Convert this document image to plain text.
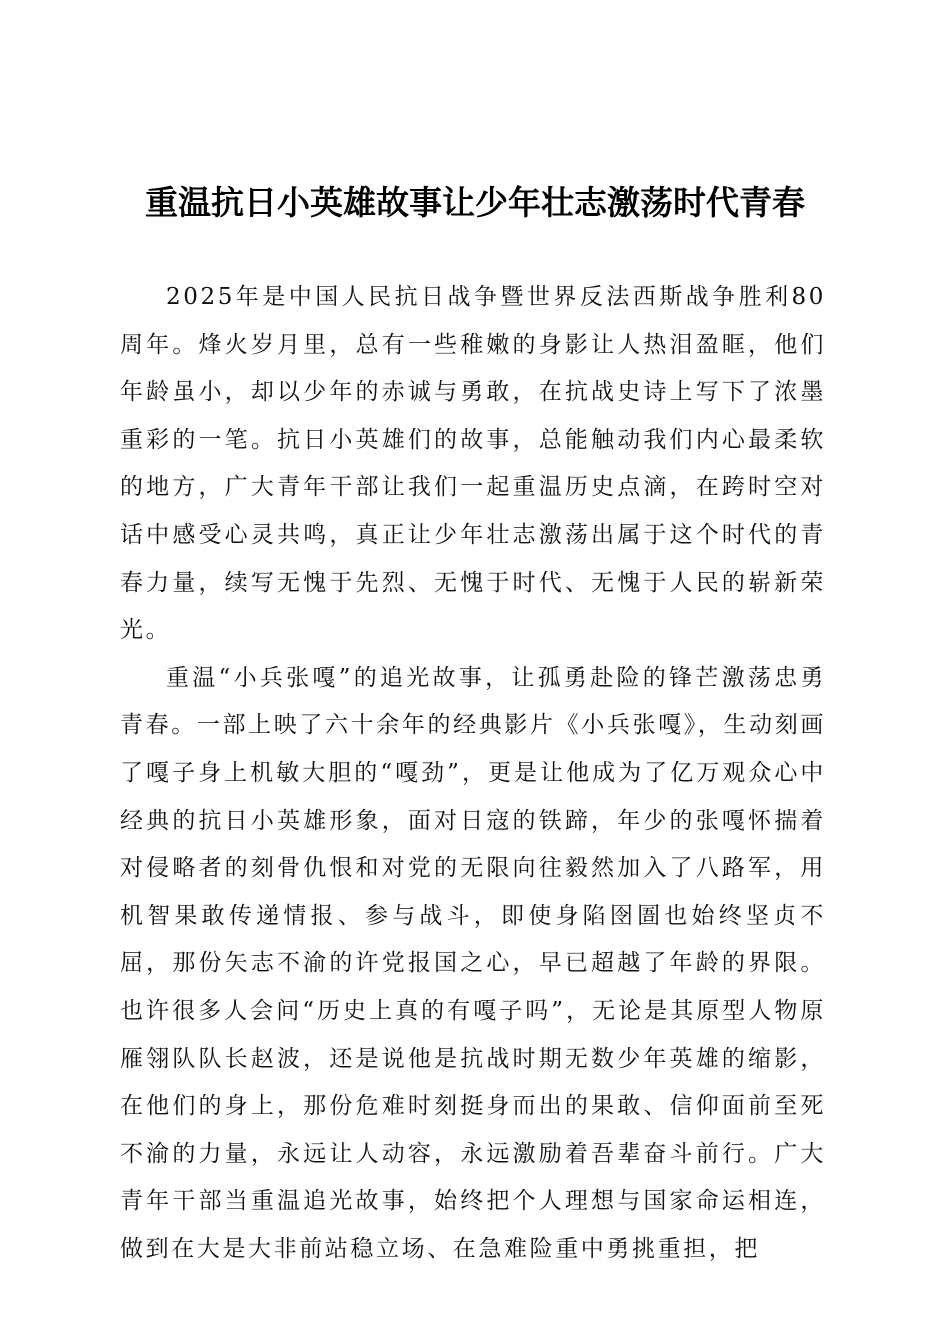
重温抗日小英雄故事让少年壮志激荡时代青春

2025年是中国人民抗日战争暨世界反法西斯战争胜利80周年。烽火岁月里，总有一些稚嫩的身影让人热泪盈眶，他们年龄虽小，却以少年的赤诚与勇敢，在抗战史诗上写下了浓墨重彩的一笔。抗日小英雄们的故事，总能触动我们内心最柔软的地方，广大青年干部让我们一起重温历史点滴，在跨时空对话中感受心灵共鸣，真正让少年壮志激荡出属于这个时代的青春力量，续写无愧于先烈、无愧于时代、无愧于人民的崭新荣光。

重温“小兵张嘎”的追光故事，让孤勇赴险的锋芒激荡忠勇青春。一部上映了六十余年的经典影片《小兵张嘎》，生动刻画了嘎子身上机敏大胆的“嘎劲”，更是让他成为了亿万观众心中经典的抗日小英雄形象，面对日寇的铁蹄，年少的张嘎怀揣着对侵略者的刻骨仇恨和对党的无限向往毅然加入了八路军，用机智果敢传递情报、参与战斗，即使身陷囹圄也始终坚贞不屈，那份矢志不渝的许党报国之心，早已超越了年龄的界限。也许很多人会问“历史上真的有嘎子吗”，无论是其原型人物原雁翎队队长赵波，还是说他是抗战时期无数少年英雄的缩影，在他们的身上，那份危难时刻挺身而出的果敢、信仰面前至死不渝的力量，永远让人动容，永远激励着吾辈奋斗前行。广大青年干部当重温追光故事，始终把个人理想与国家命运相连，做到在大是大非前站稳立场、在急难险重中勇挑重担，把
